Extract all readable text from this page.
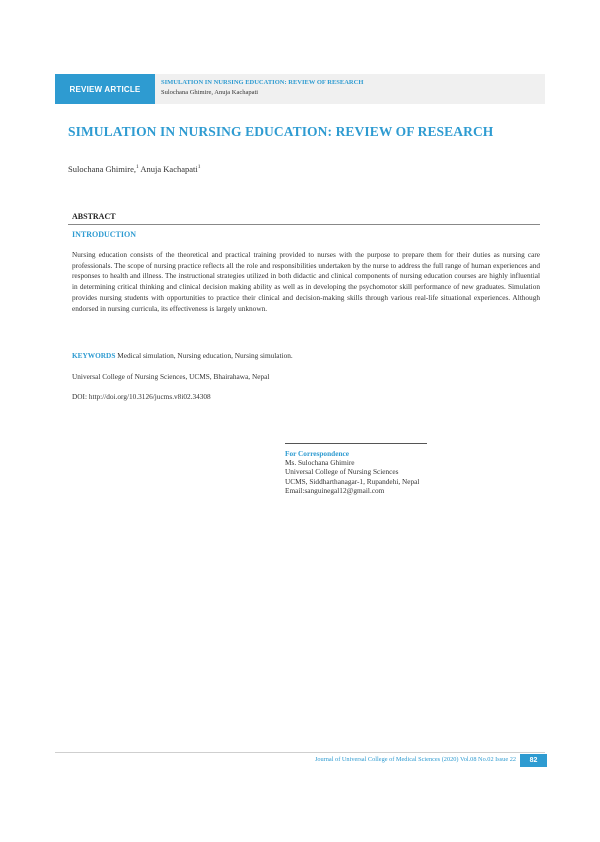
REVIEW ARTICLE
SIMULATION IN NURSING EDUCATION: REVIEW OF RESEARCH
Sulochana Ghimire, Anuja Kachapati
SIMULATION IN NURSING EDUCATION: REVIEW OF RESEARCH
Sulochana Ghimire,$^1$ Anuja Kachapati$^1$
ABSTRACT
INTRODUCTION
Nursing education consists of the theoretical and practical training provided to nurses with the purpose to prepare them for their duties as nursing care professionals. The scope of nursing practice reflects all the role and responsibilities undertaken by the nurse to address the full range of human experiences and responses to health and illness. The instructional strategies utilized in both didactic and clinical components of nursing education courses are highly influential in determining critical thinking and clinical decision making ability as well as in developing the psychomotor skill performance of new graduates. Simulation provides nursing students with opportunities to practice their clinical and decision-making skills through various real-life situational experiences. Although endorsed in nursing curricula, its effectiveness is largely unknown.
KEYWORDS Medical simulation, Nursing education, Nursing simulation.
Universal College of Nursing Sciences, UCMS, Bhairahawa, Nepal
DOI: http://doi.org/10.3126/jucms.v8i02.34308
For Correspondence
Ms. Sulochana Ghimire
Universal College of Nursing Sciences
UCMS, Siddharthanagar-1, Rupandehi, Nepal
Email:sanguinegal12@gmail.com
Journal of Universal College of Medical Sciences (2020) Vol.08 No.02 Issue 22	82
